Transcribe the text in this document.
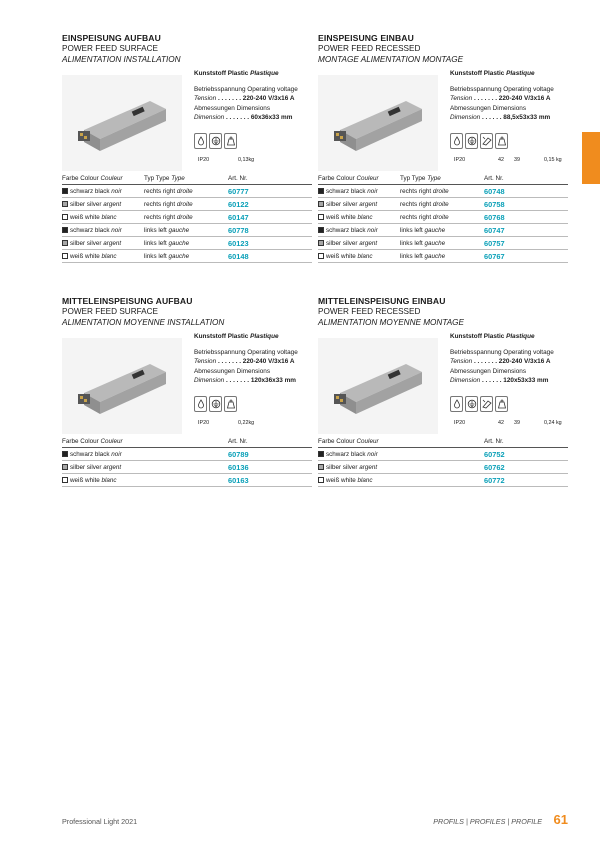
EINSPEISUNG AUFBAU
POWER FEED SURFACE
ALIMENTATION INSTALLATION
Kunststoff Plastic Plastique
Betriebsspannung Operating voltage
Tension . . . . . . . 220-240 V/3x16 A
Abmessungen Dimensions
Dimension . . . . . . . 60x36x33 mm
IP20	0,13kg
Farbe Colour
Couleur	Typ Type Type	Art. Nr.
schwarz black
noir	rechts right droite	60777
silber silver
argent	rechts right droite	60122
weiß white
blanc	rechts right droite	60147
schwarz black
noir	links left gauche	60778
silber silver
argent	links left gauche	60123
weiß white
blanc	links left gauche	60148
EINSPEISUNG EINBAU
POWER FEED RECESSED
MONTAGE ALIMENTATION MONTAGE
Kunststoff Plastic Plastique
Betriebsspannung Operating voltage
Tension . . . . . . . 220-240 V/3x16 A
Abmessungen Dimensions
Dimension . . . . . . 88,5x53x33 mm
IP20	42 39	0,15 kg
Farbe Colour
Couleur	Typ Type Type	Art. Nr.
schwarz black
noir	rechts right droite	60748
silber silver
argent	rechts right droite	60758
weiß white
blanc	rechts right droite	60768
schwarz black
noir	links left gauche	60747
silber silver
argent	links left gauche	60757
weiß white
blanc	links left gauche	60767
MITTELEINSPEISUNG AUFBAU
POWER FEED SURFACE
ALIMENTATION MOYENNE INSTALLATION
Kunststoff Plastic Plastique
Betriebsspannung Operating voltage
Tension . . . . . . . 220-240 V/3x16 A
Abmessungen Dimensions
Dimension . . . . . . . 120x36x33 mm
IP20	0,22kg
Farbe Colour
Couleur	Art. Nr.
schwarz black
noir
	60789
silber silver
argent
	60136
weiß white
blanc
	60163
MITTELEINSPEISUNG EINBAU
POWER FEED RECESSED
ALIMENTATION MOYENNE MONTAGE
Kunststoff Plastic Plastique
Betriebsspannung Operating voltage
Tension . . . . . . . 220-240 V/3x16 A
Abmessungen Dimensions
Dimension . . . . . . 120x53x33 mm
IP20	42 39	0,24 kg
Farbe Colour
Couleur	Art. Nr.
schwarz black
noir
	60752
silber silver
argent
	60762
weiß white
blanc
	60772
Professional Light 2021	PROFILS | PROFILES | PROFILE 61
